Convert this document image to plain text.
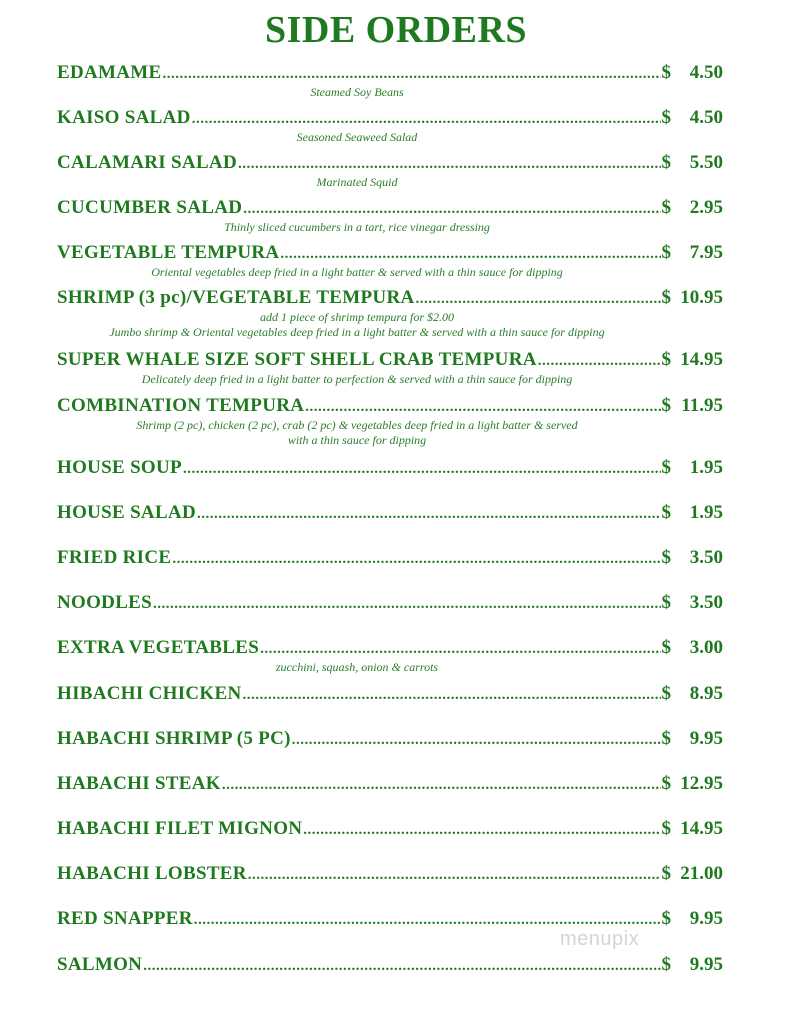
SIDE ORDERS
EDAMAME .....	$ 4.50
Steamed Soy Beans
KAISO SALAD .....	$ 4.50
Seasoned Seaweed Salad
CALAMARI SALAD .....	$ 5.50
Marinated Squid
CUCUMBER SALAD .....	$ 2.95
Thinly sliced cucumbers in a tart, rice vinegar dressing
VEGETABLE TEMPURA .....	$ 7.95
Oriental vegetables deep fried in a light batter & served with a thin sauce for dipping
SHRIMP (3 pc)/VEGETABLE TEMPURA .....	$ 10.95
add 1 piece of shrimp tempura for $2.00
Jumbo shrimp & Oriental vegetables deep fried in a light batter & served with a thin sauce for dipping
SUPER WHALE SIZE SOFT SHELL CRAB TEMPURA .....	$ 14.95
Delicately deep fried in a light batter to perfection & served with a thin sauce for dipping
COMBINATION TEMPURA .....	$ 11.95
Shrimp (2 pc), chicken (2 pc), crab (2 pc) & vegetables deep fried in a light batter & served
with a thin sauce for dipping
HOUSE SOUP .....	$ 1.95
HOUSE SALAD .....	$ 1.95
FRIED RICE .....	$ 3.50
NOODLES .....	$ 3.50
EXTRA VEGETABLES .....	$ 3.00
zucchini, squash, onion & carrots
HIBACHI CHICKEN .....	$ 8.95
HABACHI SHRIMP (5 PC) .....	$ 9.95
HABACHI STEAK .....	$ 12.95
HABACHI FILET MIGNON .....	$ 14.95
HABACHI LOBSTER .....	$ 21.00
RED SNAPPER .....	$ 9.95
SALMON .....	$ 9.95
menupix
